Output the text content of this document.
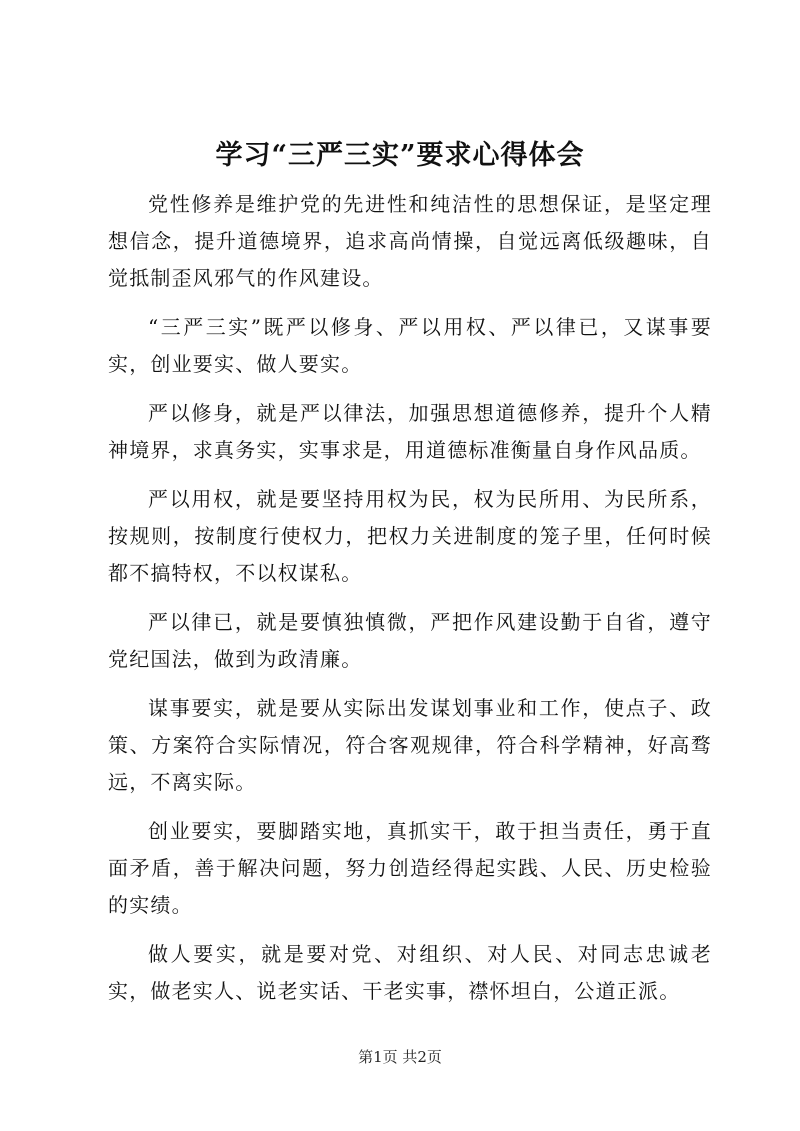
学习“三严三实”要求心得体会

党性修养是维护党的先进性和纯洁性的思想保证，是坚定理想信念，提升道德境界，追求高尚情操，自觉远离低级趣味，自觉抵制歪风邪气的作风建设。

“三严三实”既严以修身、严以用权、严以律已，又谋事要实，创业要实、做人要实。

严以修身，就是严以律法，加强思想道德修养，提升个人精神境界，求真务实，实事求是，用道德标准衡量自身作风品质。

严以用权，就是要坚持用权为民，权为民所用、为民所系，按规则，按制度行使权力，把权力关进制度的笼子里，任何时候都不搞特权，不以权谋私。

严以律已，就是要慎独慎微，严把作风建设勤于自省，遵守党纪国法，做到为政清廉。

谋事要实，就是要从实际出发谋划事业和工作，使点子、政策、方案符合实际情况，符合客观规律，符合科学精神，好高骛远，不离实际。

创业要实，要脚踏实地，真抓实干，敢于担当责任，勇于直面矛盾，善于解决问题，努力创造经得起实践、人民、历史检验的实绩。

做人要实，就是要对党、对组织、对人民、对同志忠诚老实，做老实人、说老实话、干老实事，襟怀坦白，公道正派。

第1页 共2页
